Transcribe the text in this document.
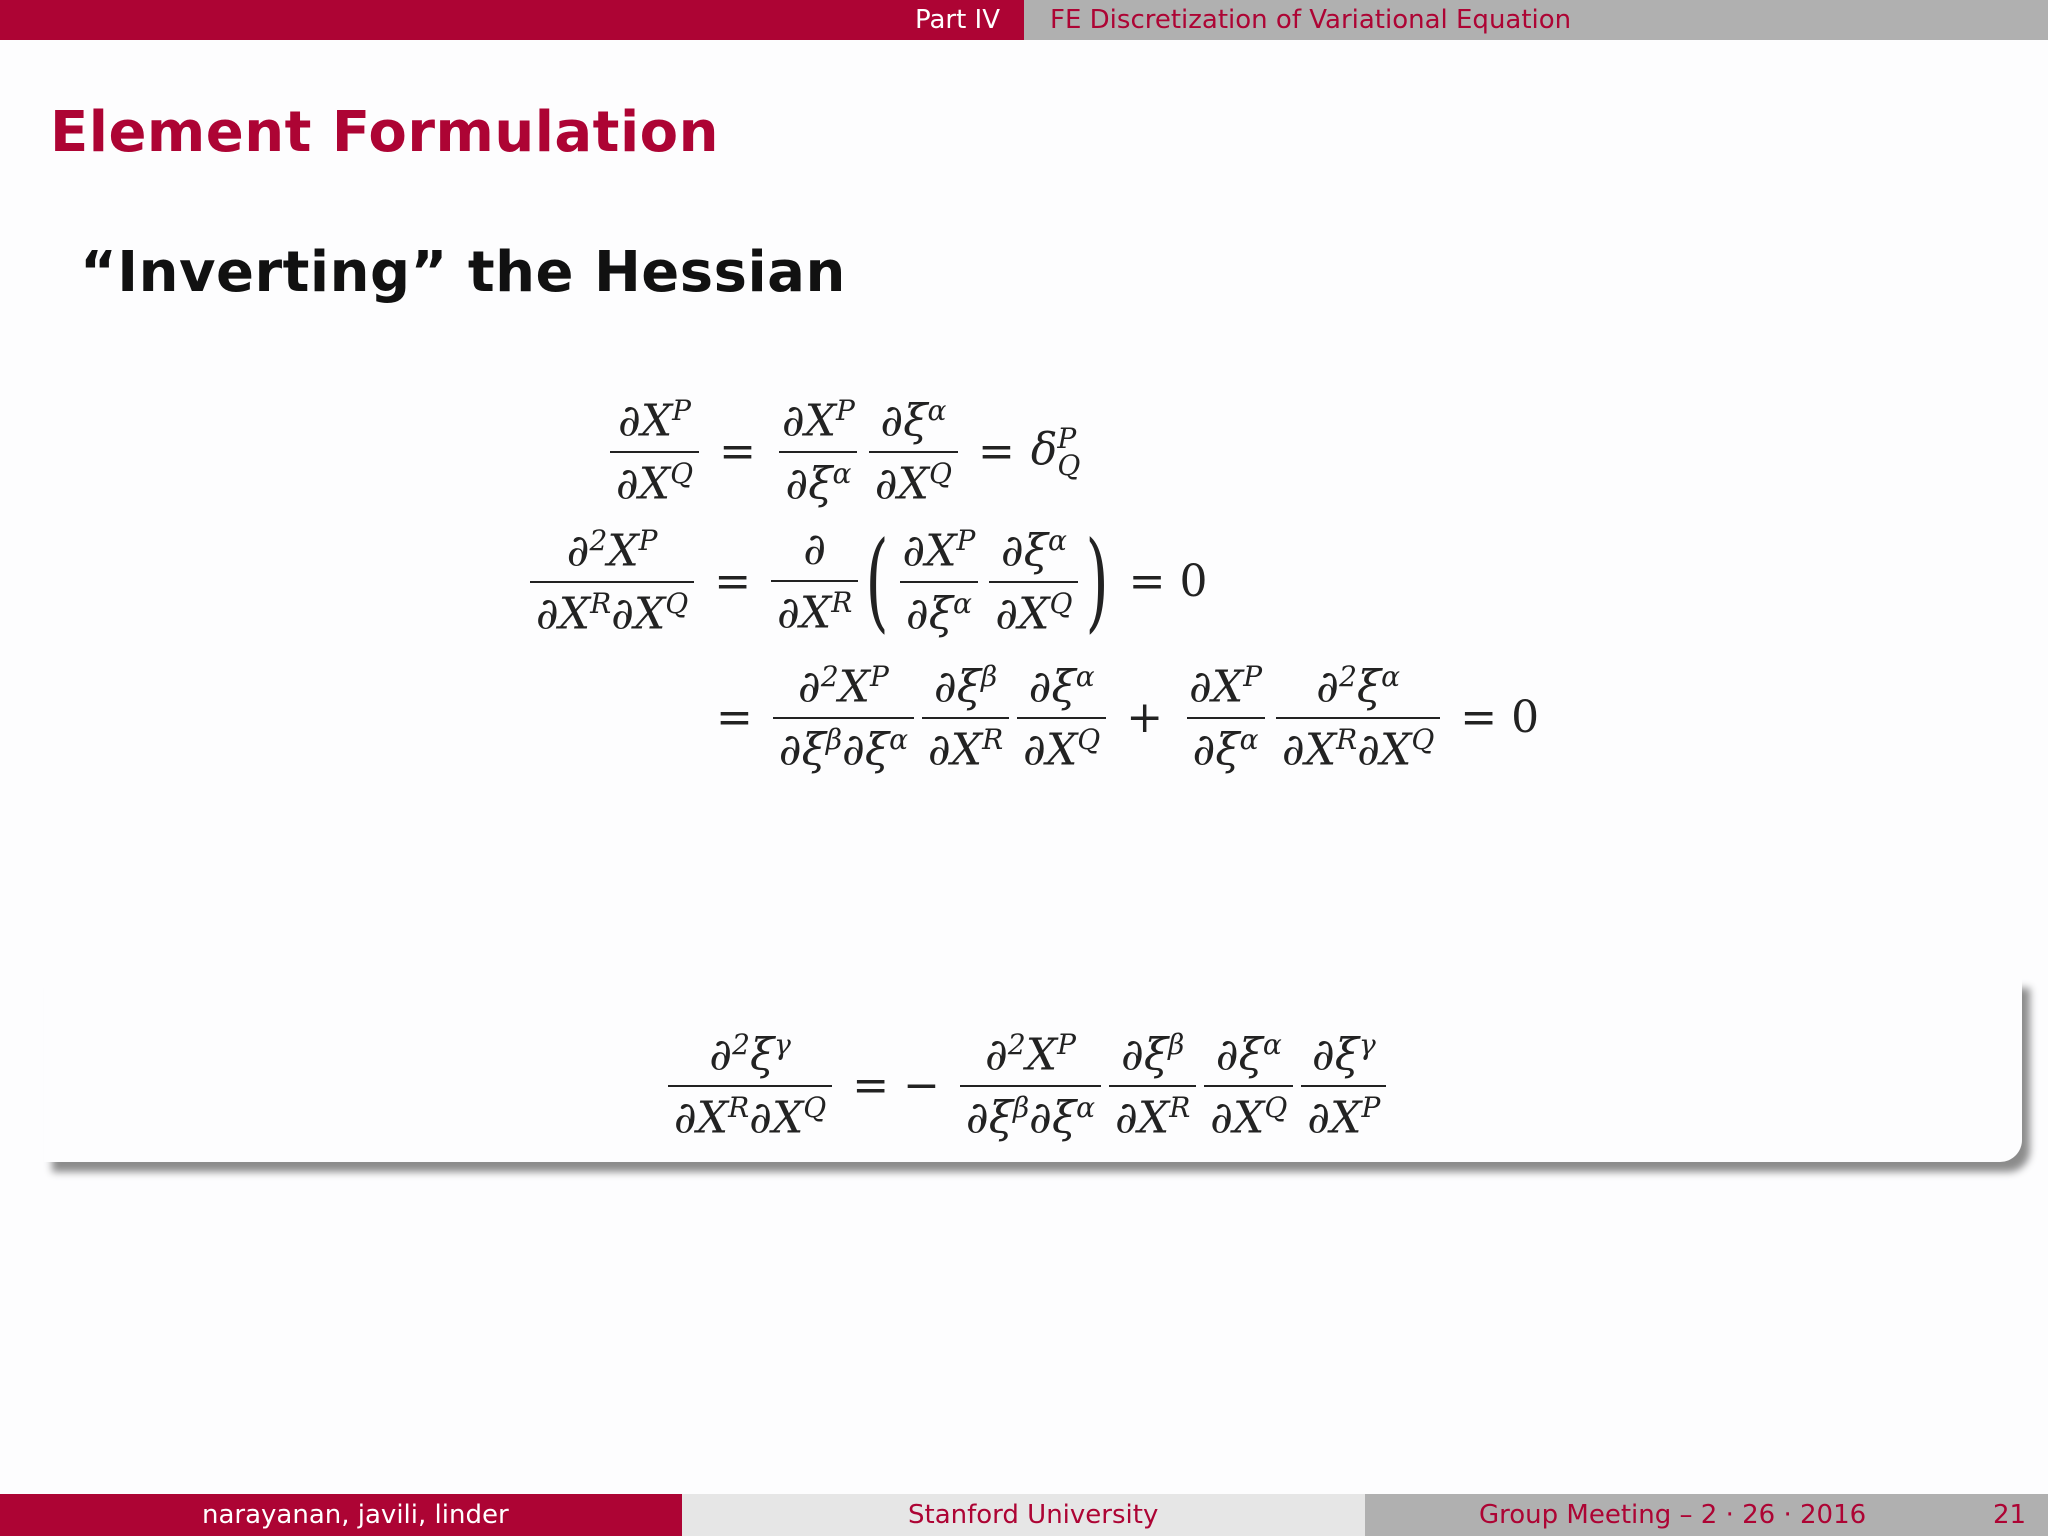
Part IV FE Discretization of Variational Equation
Element Formulation
“Inverting” the Hessian
$\frac{\partial X^P}{\partial X^Q} = \frac{\partial X^P}{\partial\xi^\alpha} \frac{\partial\xi^\alpha}{\partial X^Q} = \delta$ P
Q
$\frac{\partial^2X^P}{\partial X^R\partial X^Q} = \frac{\partial}{\partial X^R}$ ( $\frac{\partial X^P}{\partial\xi^\alpha} \frac{\partial\xi^\alpha}{\partial X^Q}$ ) = 0
= $\frac{\partial^2X^P}{\partial\xi^\beta\partial\xi^\alpha} \frac{\partial\xi^\beta}{\partial X^R} \frac{\partial\xi^\alpha}{\partial X^Q} + \frac{\partial X^P}{\partial\xi^\alpha} \frac{\partial^2\xi^\alpha}{\partial X^R\partial X^Q} = 0$
$\frac{\partial^2\xi^\gamma}{\partial X^R\partial X^Q}$ = − $\frac{\partial^2X^P}{\partial\xi^\beta\partial\xi^\alpha} \frac{\partial\xi^\beta}{\partial X^R} \frac{\partial\xi^\alpha}{\partial X^Q} \frac{\partial\xi^\gamma}{\partial X^P}$
narayanan, javili, linder	Stanford University	Group Meeting – 2 · 26 · 2016	21
